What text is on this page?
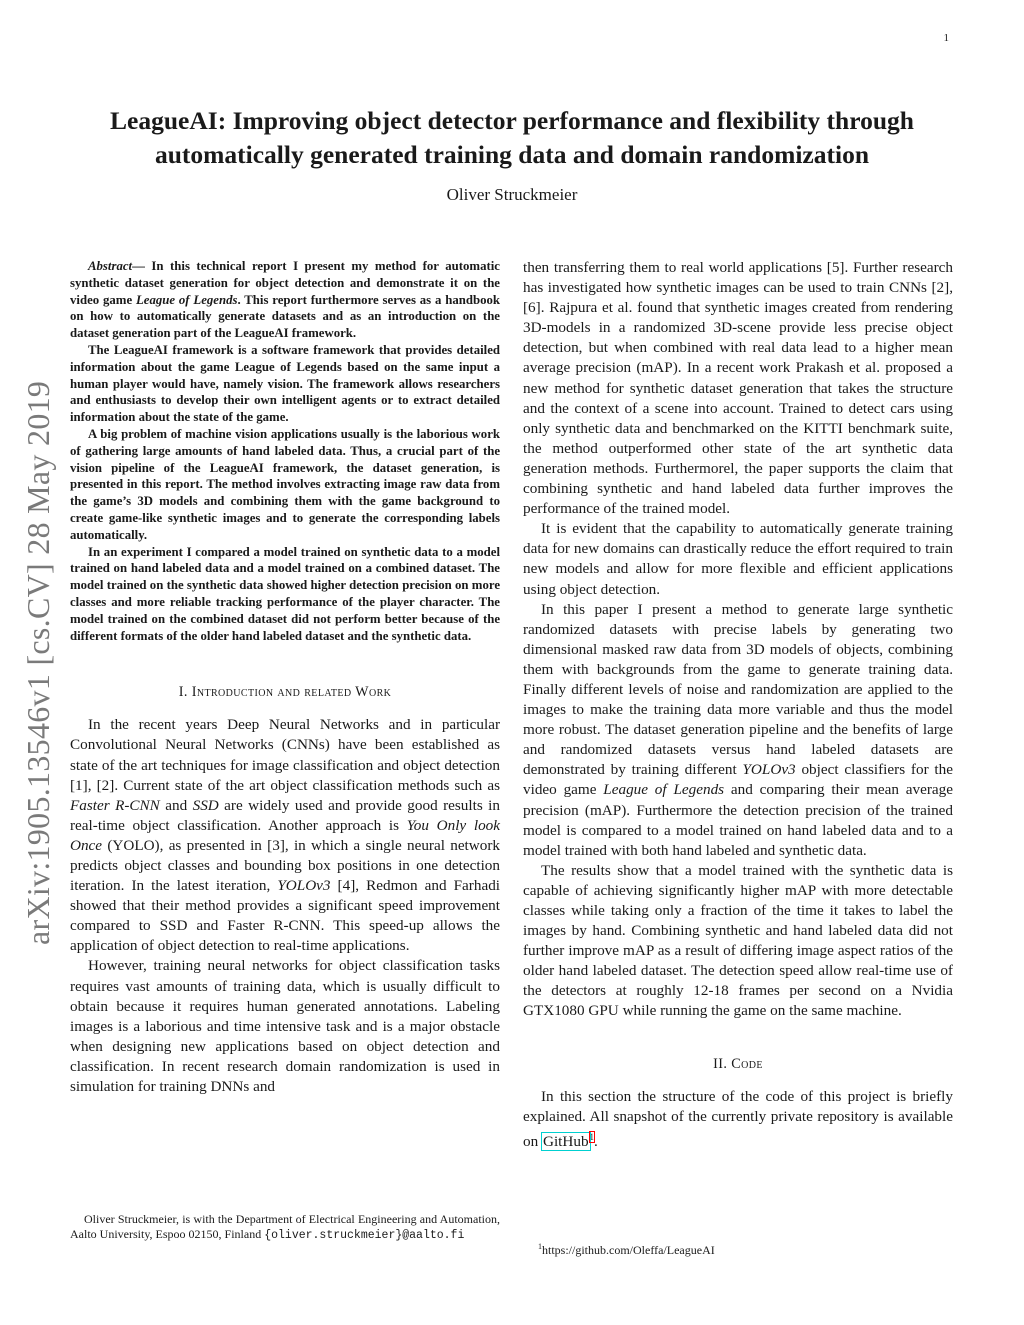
1
arXiv:1905.13546v1 [cs.CV] 28 May 2019
LeagueAI: Improving object detector performance and flexibility through automatically generated training data and domain randomization
Oliver Struckmeier

Abstract— In this technical report I present my method for automatic synthetic dataset generation for object detection and demonstrate it on the video game League of Legends. This report furthermore serves as a handbook on how to automatically generate datasets and as an introduction on the dataset generation part of the LeagueAI framework.

The LeagueAI framework is a software framework that provides detailed information about the game League of Legends based on the same input a human player would have, namely vision. The framework allows researchers and enthusiasts to develop their own intelligent agents or to extract detailed information about the state of the game.

A big problem of machine vision applications usually is the laborious work of gathering large amounts of hand labeled data. Thus, a crucial part of the vision pipeline of the LeagueAI framework, the dataset generation, is presented in this report. The method involves extracting image raw data from the game’s 3D models and combining them with the game background to create game-like synthetic images and to generate the corresponding labels automatically.

In an experiment I compared a model trained on synthetic data to a model trained on hand labeled data and a model trained on a combined dataset. The model trained on the synthetic data showed higher detection precision on more classes and more reliable tracking performance of the player character. The model trained on the combined dataset did not perform better because of the different formats of the older hand labeled dataset and the synthetic data.

I. Introduction and related Work

In the recent years Deep Neural Networks and in particular Convolutional Neural Networks (CNNs) have been established as state of the art techniques for image classification and object detection [1], [2]. Current state of the art object classification methods such as Faster R-CNN and SSD are widely used and provide good results in real-time object classification. Another approach is You Only look Once (YOLO), as presented in [3], in which a single neural network predicts object classes and bounding box positions in one detection iteration. In the latest iteration, YOLOv3 [4], Redmon and Farhadi showed that their method provides a significant speed improvement compared to SSD and Faster R-CNN. This speed-up allows the application of object detection to real-time applications.

However, training neural networks for object classification tasks requires vast amounts of training data, which is usually difficult to obtain because it requires human generated annotations. Labeling images is a laborious and time intensive task and is a major obstacle when designing new applications based on object detection and classification. In recent research domain randomization is used in simulation for training DNNs and

then transferring them to real world applications [5]. Further research has investigated how synthetic images can be used to train CNNs [2], [6]. Rajpura et al. found that synthetic images created from rendering 3D-models in a randomized 3D-scene provide less precise object detection, but when combined with real data lead to a higher mean average precision (mAP). In a recent work Prakash et al. proposed a new method for synthetic dataset generation that takes the structure and the context of a scene into account. Trained to detect cars using only synthetic data and benchmarked on the KITTI benchmark suite, the method outperformed other state of the art synthetic data generation methods. Furthermorel, the paper supports the claim that combining synthetic and hand labeled data further improves the performance of the trained model.

It is evident that the capability to automatically generate training data for new domains can drastically reduce the effort required to train new models and allow for more flexible and efficient applications using object detection.

In this paper I present a method to generate large synthetic randomized datasets with precise labels by generating two dimensional masked raw data from 3D models of objects, combining them with backgrounds from the game to generate training data. Finally different levels of noise and randomization are applied to the images to make the training data more variable and thus the model more robust. The dataset generation pipeline and the benefits of large and randomized datasets versus hand labeled datasets are demonstrated by training different YOLOv3 object classifiers for the video game League of Legends and comparing their mean average precision (mAP). Furthermore the detection precision of the trained model is compared to a model trained on hand labeled data and to a model trained with both hand labeled and synthetic data.

The results show that a model trained with the synthetic data is capable of achieving significantly higher mAP with more detectable classes while taking only a fraction of the time it takes to label the images by hand. Combining synthetic and hand labeled data did not further improve mAP as a result of differing image aspect ratios of the older hand labeled dataset. The detection speed allow real-time use of the detectors at roughly 12-18 frames per second on a Nvidia GTX1080 GPU while running the game on the same machine.

II. Code

In this section the structure of the code of this project is briefly explained. All snapshot of the currently private repository is available on GitHub$^1$.

Oliver Struckmeier, is with the Department of Electrical Engineering and Automation, Aalto University, Espoo 02150, Finland {oliver.struckmeier}@aalto.fi

$^1$https://github.com/Oleffa/LeagueAI
